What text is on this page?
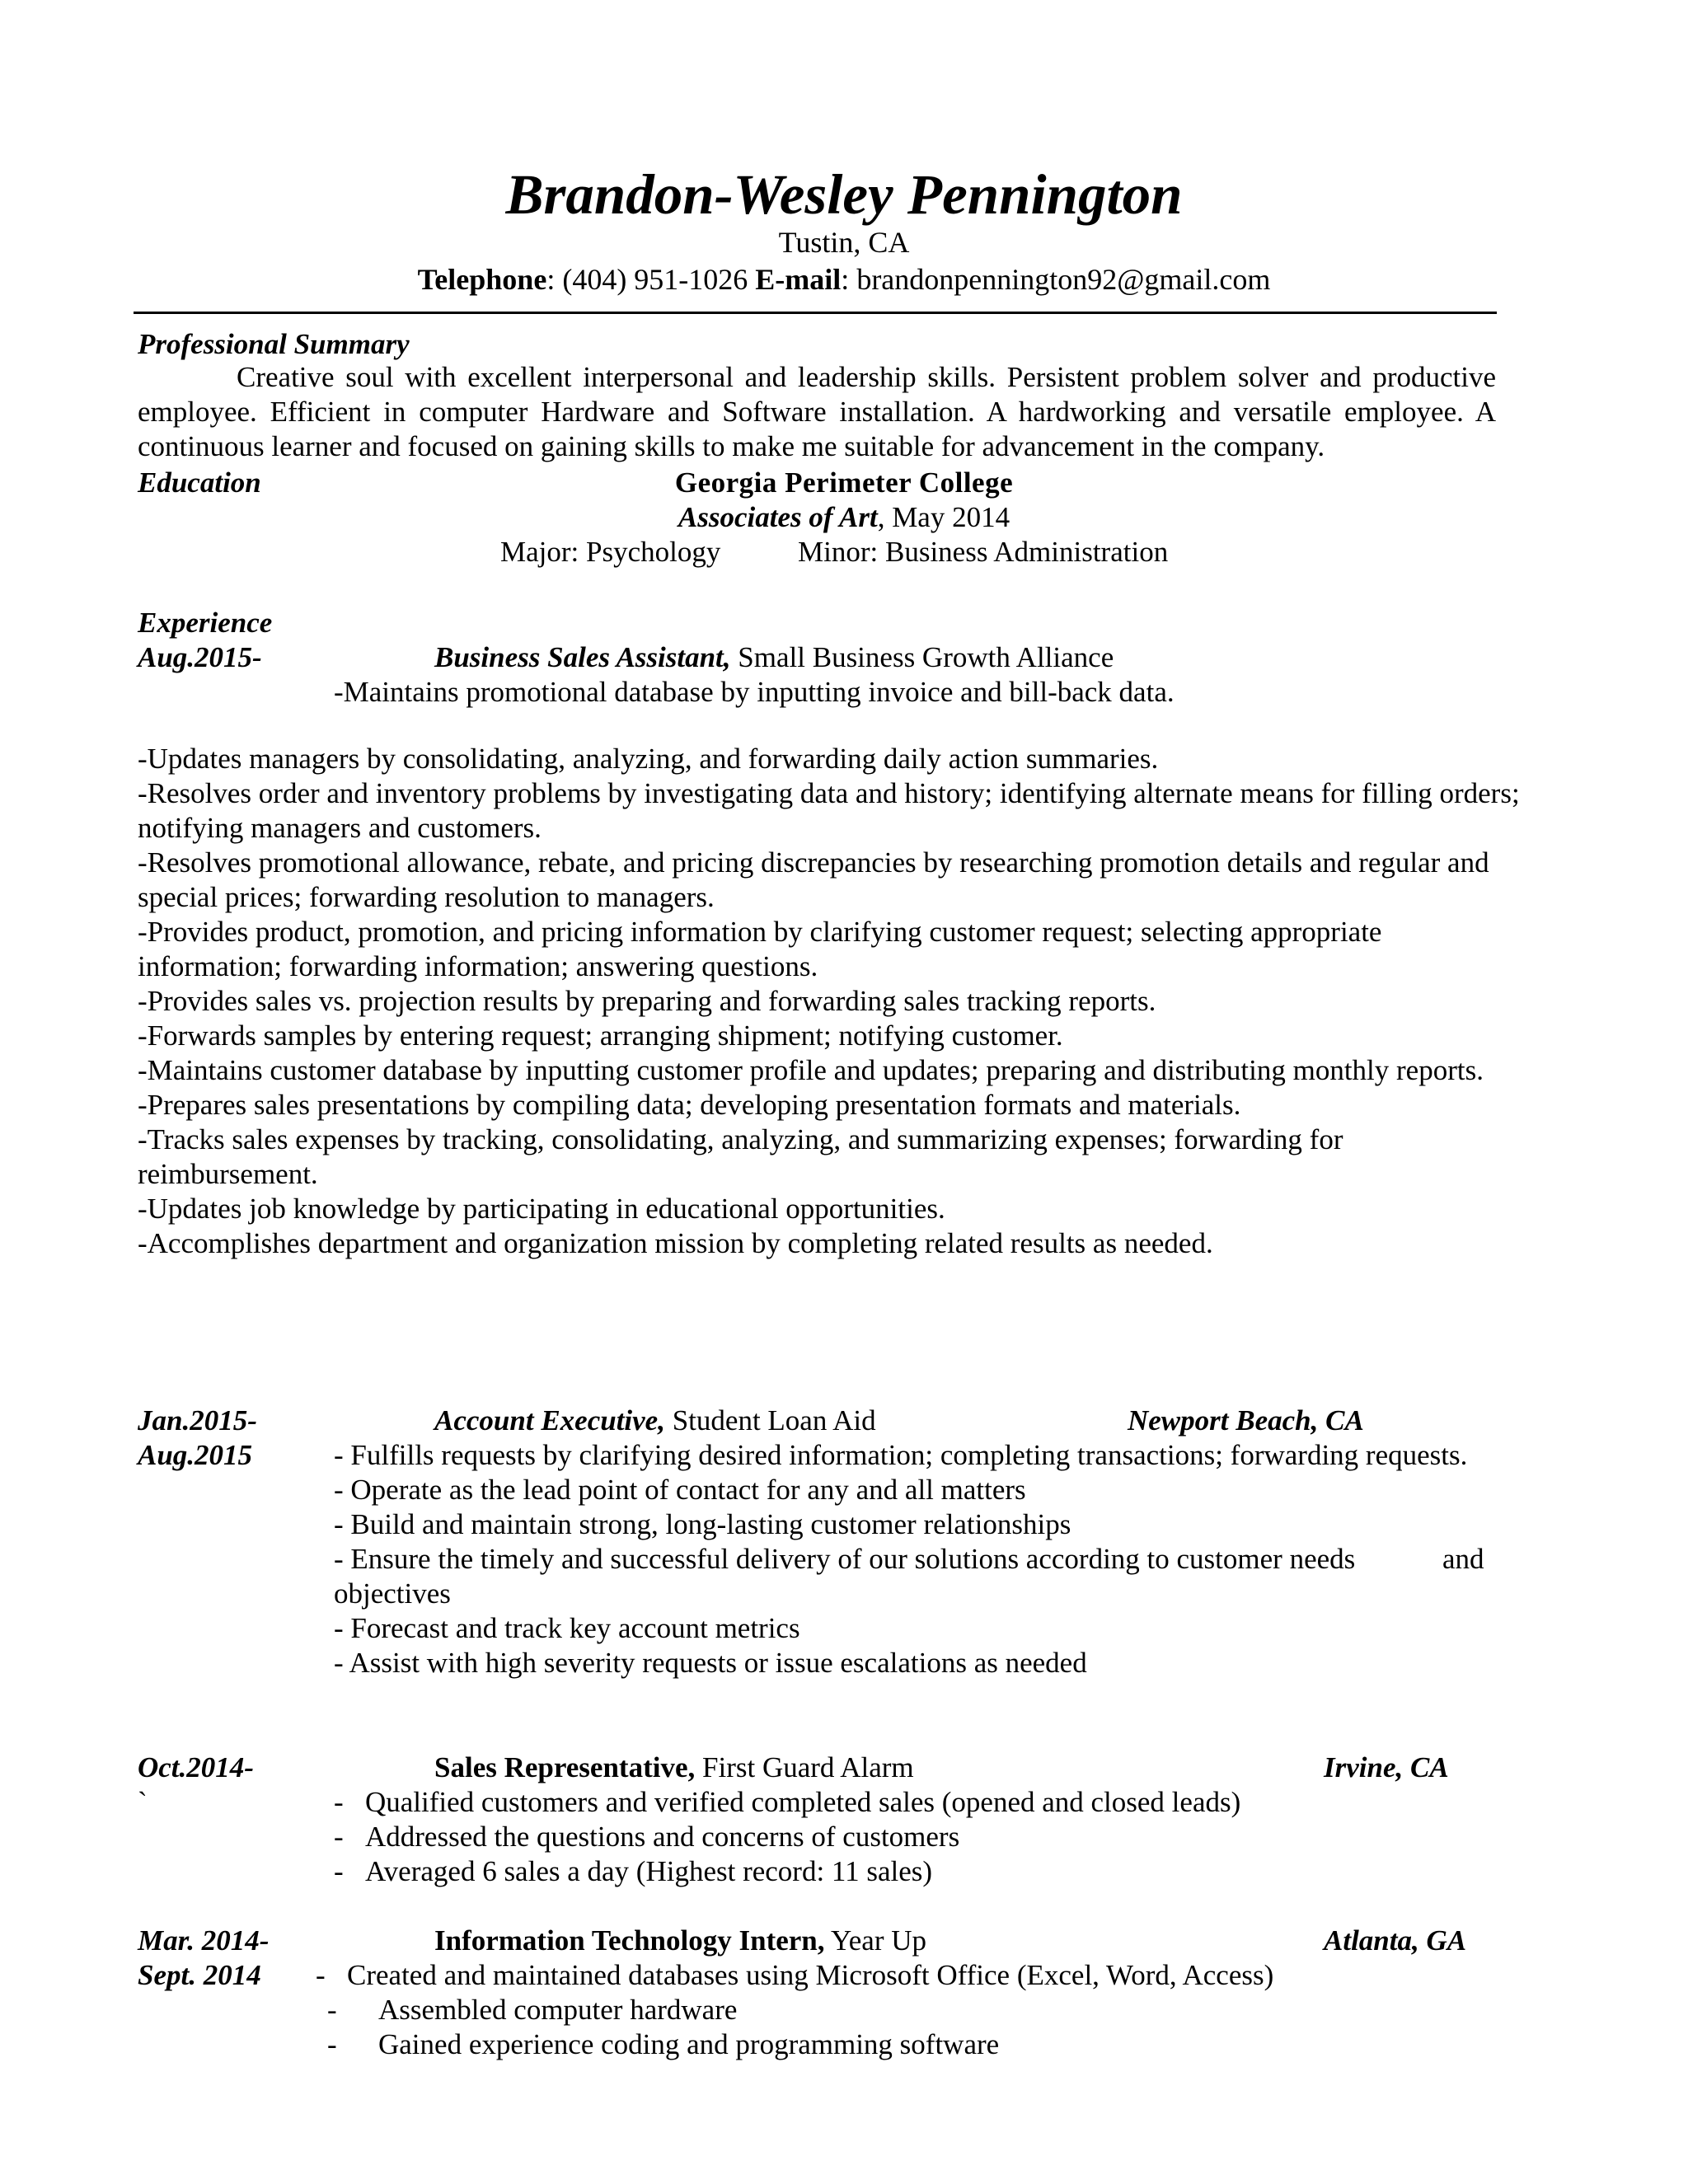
Brandon-Wesley Pennington
Tustin, CA
Telephone: (404) 951-1026 E-mail: brandonpennington92@gmail.com
Professional Summary

Creative soul with excellent interpersonal and leadership skills. Persistent problem solver and productive employee. Efficient in computer Hardware and Software installation. A hardworking and versatile employee. A continuous learner and focused on gaining skills to make me suitable for advancement in the company.

Education	Georgia Perimeter College
Associates of Art, May 2014
Major: Psychology	Minor: Business Administration
Experience
Aug.2015-	Business Sales Assistant, Small Business Growth Alliance
-Maintains promotional database by inputting invoice and bill-back data.
-Updates managers by consolidating, analyzing, and forwarding daily action summaries.
-Resolves order and inventory problems by investigating data and history; identifying alternate means for filling orders; notifying managers and customers.
-Resolves promotional allowance, rebate, and pricing discrepancies by researching promotion details and regular and special prices; forwarding resolution to managers.
-Provides product, promotion, and pricing information by clarifying customer request; selecting appropriate information; forwarding information; answering questions.
-Provides sales vs. projection results by preparing and forwarding sales tracking reports.
-Forwards samples by entering request; arranging shipment; notifying customer.
-Maintains customer database by inputting customer profile and updates; preparing and distributing monthly reports.
-Prepares sales presentations by compiling data; developing presentation formats and materials.
-Tracks sales expenses by tracking, consolidating, analyzing, and summarizing expenses; forwarding for reimbursement.
-Updates job knowledge by participating in educational opportunities.
-Accomplishes department and organization mission by completing related results as needed.
Jan.2015-
Aug.2015
Account Executive, Student Loan Aid	Newport Beach, CA
- Fulfills requests by clarifying desired information; completing transactions; forwarding requests.
- Operate as the lead point of contact for any and all matters
- Build and maintain strong, long-lasting customer relationships
- Ensure the timely and successful delivery of our solutions according to customer needs	and
objectives
- Forecast and track key account metrics
- Assist with high severity requests or issue escalations as needed
Oct.2014-
`
Sales Representative, First Guard Alarm	Irvine, CA
- Qualified customers and verified completed sales (opened and closed leads)
- Addressed the questions and concerns of customers
- Averaged 6 sales a day (Highest record: 11 sales)
Mar. 2014-
Sept. 2014
Information Technology Intern, Year Up	Atlanta, GA
- Created and maintained databases using Microsoft Office (Excel, Word, Access)
- Assembled computer hardware
- Gained experience coding and programming software
